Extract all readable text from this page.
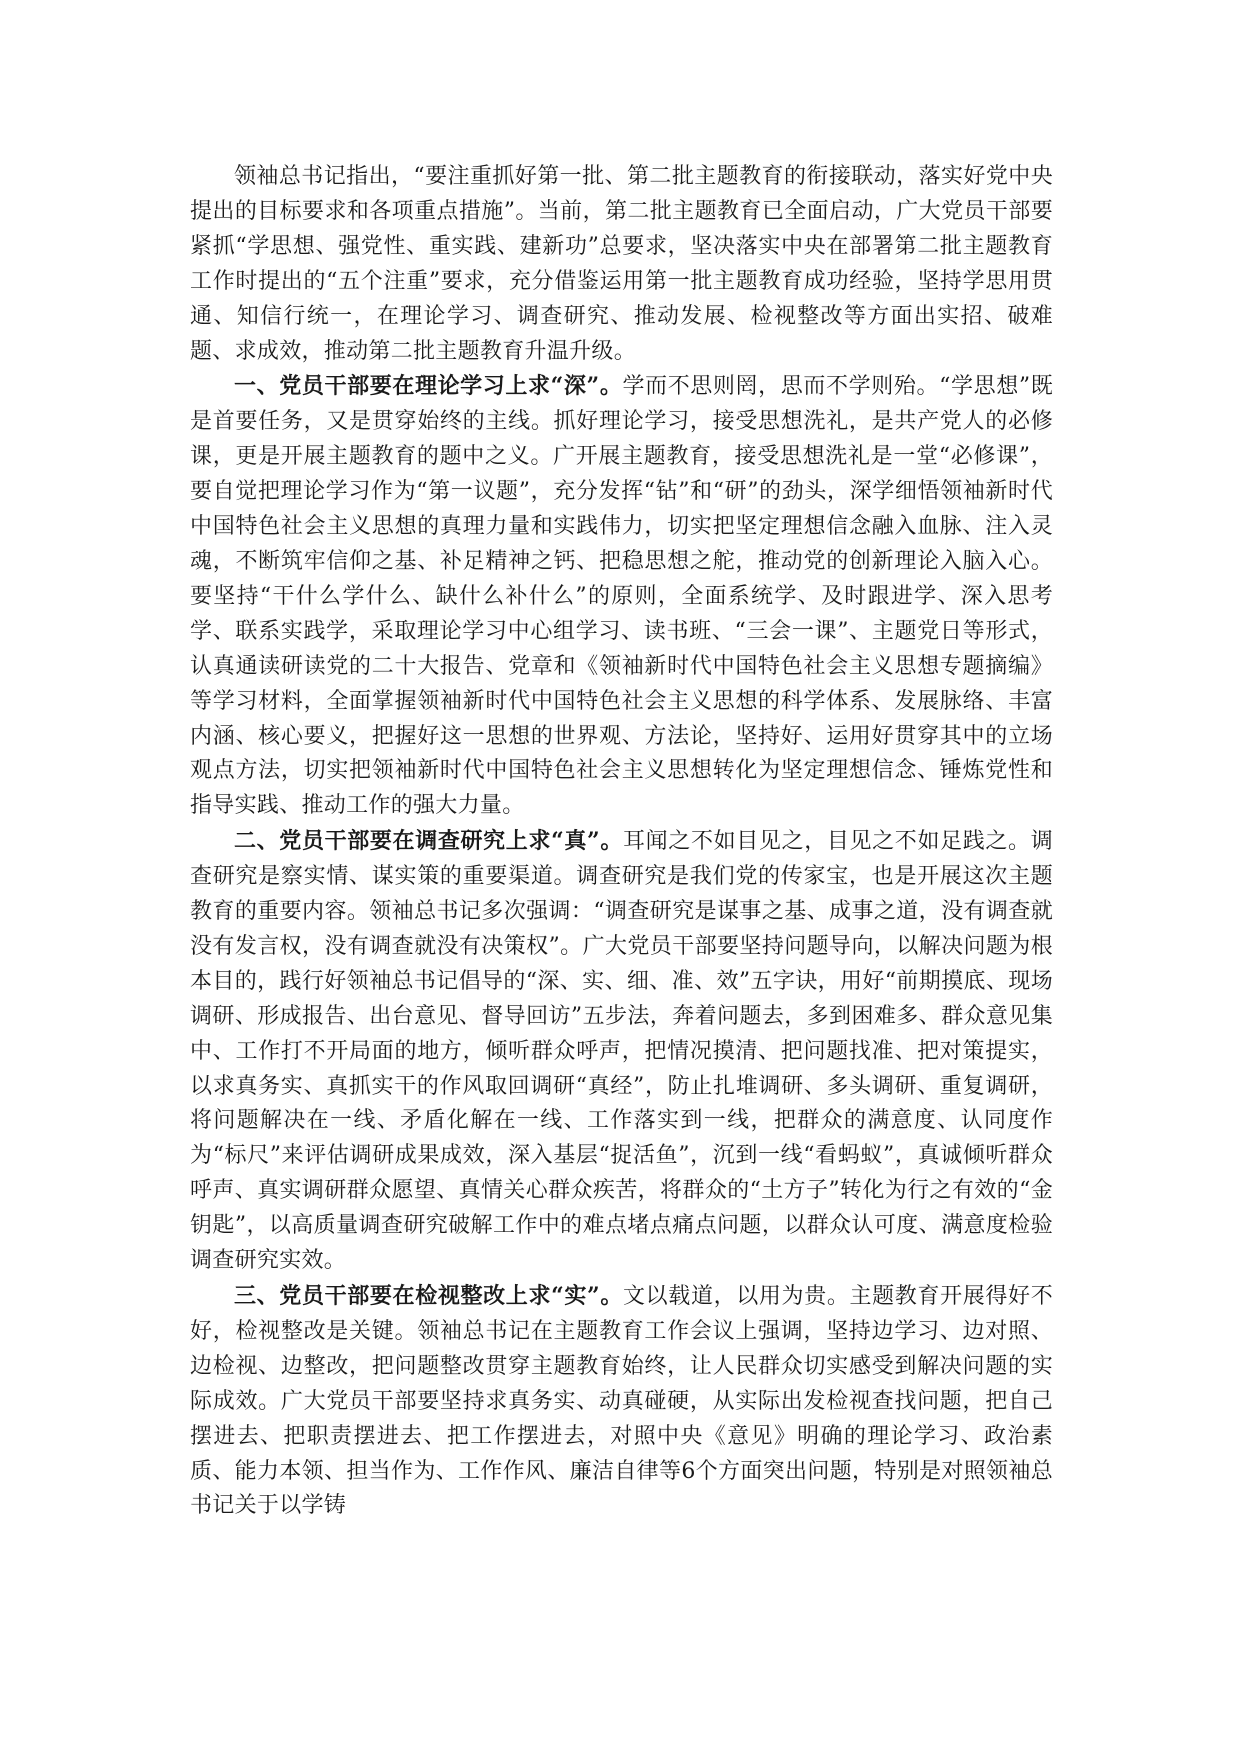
领袖总书记指出，“要注重抓好第一批、第二批主题教育的衔接联动，落实好党中央提出的目标要求和各项重点措施”。当前，第二批主题教育已全面启动，广大党员干部要紧抓“学思想、强党性、重实践、建新功”总要求，坚决落实中央在部署第二批主题教育工作时提出的“五个注重”要求，充分借鉴运用第一批主题教育成功经验，坚持学思用贯通、知信行统一，在理论学习、调查研究、推动发展、检视整改等方面出实招、破难题、求成效，推动第二批主题教育升温升级。

一、党员干部要在理论学习上求“深”。学而不思则罔，思而不学则殆。“学思想”既是首要任务，又是贯穿始终的主线。抓好理论学习，接受思想洗礼，是共产党人的必修课，更是开展主题教育的题中之义。广开展主题教育，接受思想洗礼是一堂“必修课”，要自觉把理论学习作为“第一议题”，充分发挥“钻”和“研”的劲头，深学细悟领袖新时代中国特色社会主义思想的真理力量和实践伟力，切实把坚定理想信念融入血脉、注入灵魂，不断筑牢信仰之基、补足精神之钙、把稳思想之舵，推动党的创新理论入脑入心。要坚持“干什么学什么、缺什么补什么”的原则，全面系统学、及时跟进学、深入思考学、联系实践学，采取理论学习中心组学习、读书班、“三会一课”、主题党日等形式，认真通读研读党的二十大报告、党章和《领袖新时代中国特色社会主义思想专题摘编》等学习材料，全面掌握领袖新时代中国特色社会主义思想的科学体系、发展脉络、丰富内涵、核心要义，把握好这一思想的世界观、方法论，坚持好、运用好贯穿其中的立场观点方法，切实把领袖新时代中国特色社会主义思想转化为坚定理想信念、锤炼党性和指导实践、推动工作的强大力量。

二、党员干部要在调查研究上求“真”。耳闻之不如目见之，目见之不如足践之。调查研究是察实情、谋实策的重要渠道。调查研究是我们党的传家宝，也是开展这次主题教育的重要内容。领袖总书记多次强调：“调查研究是谋事之基、成事之道，没有调查就没有发言权，没有调查就没有决策权”。广大党员干部要坚持问题导向，以解决问题为根本目的，践行好领袖总书记倡导的“深、实、细、准、效”五字诀，用好“前期摸底、现场调研、形成报告、出台意见、督导回访”五步法，奔着问题去，多到困难多、群众意见集中、工作打不开局面的地方，倾听群众呼声，把情况摸清、把问题找准、把对策提实，以求真务实、真抓实干的作风取回调研“真经”，防止扎堆调研、多头调研、重复调研，将问题解决在一线、矛盾化解在一线、工作落实到一线，把群众的满意度、认同度作为“标尺”来评估调研成果成效，深入基层“捉活鱼”，沉到一线“看蚂蚁”，真诚倾听群众呼声、真实调研群众愿望、真情关心群众疾苦，将群众的“土方子”转化为行之有效的“金钥匙”，以高质量调查研究破解工作中的难点堵点痛点问题，以群众认可度、满意度检验调查研究实效。

三、党员干部要在检视整改上求“实”。文以载道，以用为贵。主题教育开展得好不好，检视整改是关键。领袖总书记在主题教育工作会议上强调，坚持边学习、边对照、边检视、边整改，把问题整改贯穿主题教育始终，让人民群众切实感受到解决问题的实际成效。广大党员干部要坚持求真务实、动真碰硬，从实际出发检视查找问题，把自己摆进去、把职责摆进去、把工作摆进去，对照中央《意见》明确的理论学习、政治素质、能力本领、担当作为、工作作风、廉洁自律等6个方面突出问题，特别是对照领袖总书记关于以学铸
